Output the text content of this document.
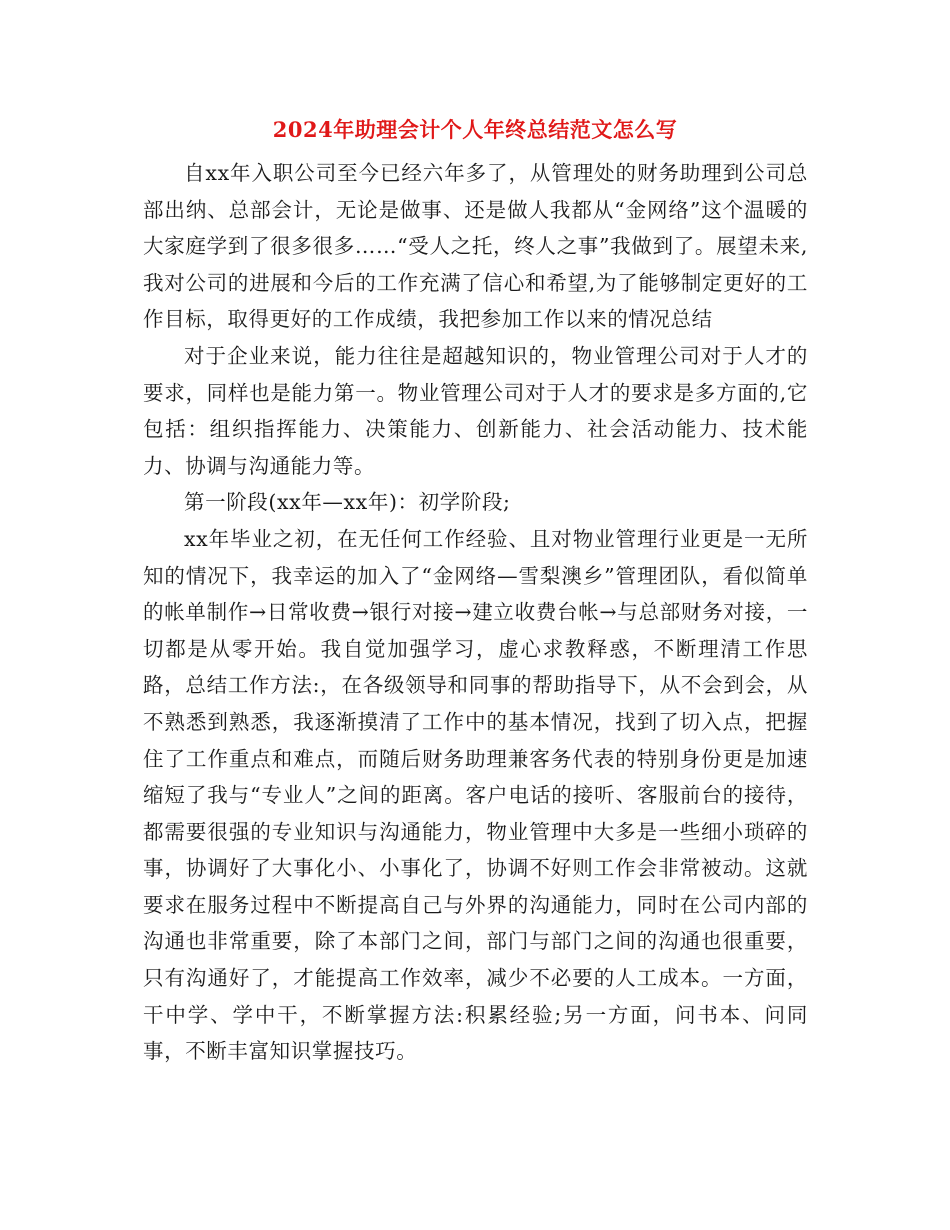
2024年助理会计个人年终总结范文怎么写

自xx年入职公司至今已经六年多了，从管理处的财务助理到公司总部出纳、总部会计，无论是做事、还是做人我都从“金网络”这个温暖的大家庭学到了很多很多……“受人之托，终人之事”我做到了。展望未来,我对公司的进展和今后的工作充满了信心和希望,为了能够制定更好的工作目标，取得更好的工作成绩，我把参加工作以来的情况总结

对于企业来说，能力往往是超越知识的，物业管理公司对于人才的要求，同样也是能力第一。物业管理公司对于人才的要求是多方面的,它包括：组织指挥能力、决策能力、创新能力、社会活动能力、技术能力、协调与沟通能力等。

第一阶段(xx年—xx年)：初学阶段;

xx年毕业之初，在无任何工作经验、且对物业管理行业更是一无所知的情况下，我幸运的加入了“金网络—雪梨澳乡”管理团队，看似简单的帐单制作→日常收费→银行对接→建立收费台帐→与总部财务对接，一切都是从零开始。我自觉加强学习，虚心求教释惑，不断理清工作思路，总结工作方法:，在各级领导和同事的帮助指导下，从不会到会，从不熟悉到熟悉，我逐渐摸清了工作中的基本情况，找到了切入点，把握住了工作重点和难点，而随后财务助理兼客务代表的特别身份更是加速缩短了我与“专业人”之间的距离。客户电话的接听、客服前台的接待，都需要很强的专业知识与沟通能力，物业管理中大多是一些细小琐碎的事，协调好了大事化小、小事化了，协调不好则工作会非常被动。这就要求在服务过程中不断提高自己与外界的沟通能力，同时在公司内部的沟通也非常重要，除了本部门之间，部门与部门之间的沟通也很重要，只有沟通好了，才能提高工作效率，减少不必要的人工成本。一方面，干中学、学中干，不断掌握方法:积累经验;另一方面，问书本、问同事，不断丰富知识掌握技巧。
